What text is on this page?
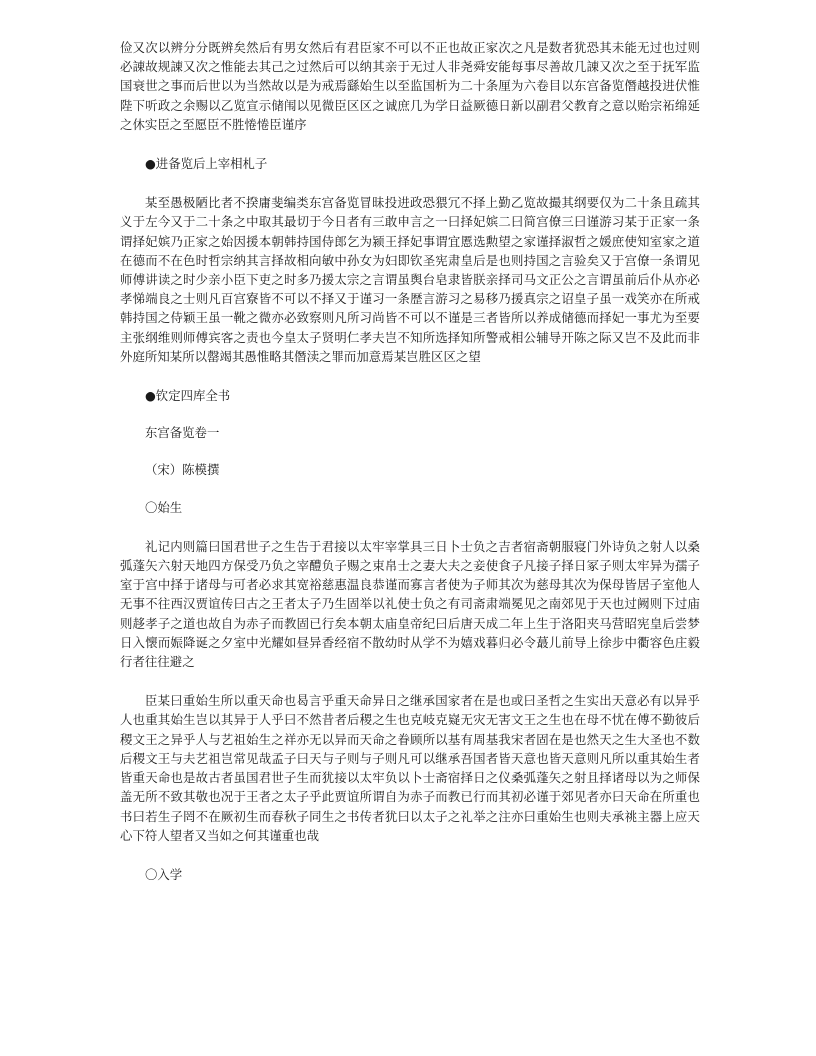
俭又次以辨分分既辨矣然后有男女然后有君臣家不可以不正也故正家次之凡是数者犹恐其未能无过也过则必諌故规諌又次之惟能去其己之过然后可以纳其亲于无过人非尧舜安能每事尽善故几諌又次之至于抚军监国衰世之事而后世以为当然故以是为戒焉繇始生以至监国析为二十条厘为六卷目以东宫备览僭越投进伏惟陛下听政之余赐以乙览宣示储闱以见微臣区区之诚庶几为学日益厥德日新以副君父教育之意以贻宗祏绵延之休实臣之至愿臣不胜惓惓臣谨序

●进备览后上宰相札子

某至愚极陋比者不揆庸斐编类东宫备览冒昧投进政恐猥冗不择上勤乙览故撮其纲要仅为二十条且疏其义于左今又于二十条之中取其最切于今日者有三敢申言之一曰择妃嫔二曰简宫僚三曰谨游习某于正家一条谓择妃嫔乃正家之始因援本朝韩持国侍郎乞为颍王择妃事谓宜慝选勲望之家谨择淑哲之媛庶使知室家之道在德而不在色时哲宗纳其言择故相向敏中孙女为妇即钦圣宪肃皇后是也则持国之言验矣又于宫僚一条谓见师傅讲读之时少亲小臣下吏之时多乃援太宗之言谓虽舆台皂隶皆朕亲择司马文正公之言谓虽前后仆从亦必孝悌端良之士则凡百宫寮皆不可以不择又于谨习一条歴言游习之易移乃援真宗之诏皇子虽一戏笑亦在所戒韩持国之侍颖王虽一靴之微亦必致察则凡所习尚皆不可以不谨是三者皆所以养成储德而择妃一事尤为至要主张纲维则师傅宾客之责也今皇太子贤明仁孝夫岂不知所选择知所警戒相公辅导开陈之际又岂不及此而非外庭所知某所以罄竭其愚惟略其僭渎之罪而加意焉某岂胜区区之望

●钦定四库全书

东宫备览卷一

（宋）陈模撰

〇始生

礼记内则篇曰国君世子之生告于君接以太牢宰掌具三日卜士负之吉者宿斋朝服寝门外诗负之射人以桑弧蓬矢六射天地四方保受乃负之宰醴负子赐之束帛士之妻大夫之妾使食子凡接子择日冢子则太牢异为孺子室于宫中择于诸母与可者必求其宽裕慈惠温良恭谨而寡言者使为子师其次为慈母其次为保母皆居子室他人无事不往西汉贾谊传曰古之王者太子乃生固举以礼使士负之有司斋肃端冕见之南郊见于天也过阙则下过庙则趍孝子之道也故自为赤子而教固已行矣本朝太庙皇帝纪曰后唐天成二年上生于洛阳夹马营昭宪皇后尝梦日入懐而娠降诞之夕室中光耀如昼异香经宿不散幼时从学不为嬉戏暮归必令蕞儿前导上徐步中衢容色庄毅行者往往避之

臣某曰重始生所以重天命也曷言乎重天命异日之继承国家者在是也或曰圣哲之生实出天意必有以异乎人也重其始生岂以其异于人乎曰不然昔者后稷之生也克岐克嶷无灾无害文王之生也在母不忧在傅不勤彼后稷文王之异乎人与艺祖始生之祥亦无以异而天命之眷顾所以基有周基我宋者固在是也然天之生大圣也不数后稷文王与夫艺祖岂常见哉孟子曰天与子则与子则凡可以继承吾国者皆天意也皆天意则凡所以重其始生者皆重天命也是故古者虽国君世子生而犹接以太牢负以卜士斋宿择日之仪桑弧蓬矢之射且择诸母以为之师保盖无所不致其敬也况于王者之太子乎此贾谊所谓自为赤子而教已行而其初必谨于郊见者亦曰天命在所重也书曰若生子罔不在厥初生而春秋子同生之书传者犹曰以太子之礼举之注亦曰重始生也则夫承祧主器上应天心下符人望者又当如之何其谨重也哉

〇入学
